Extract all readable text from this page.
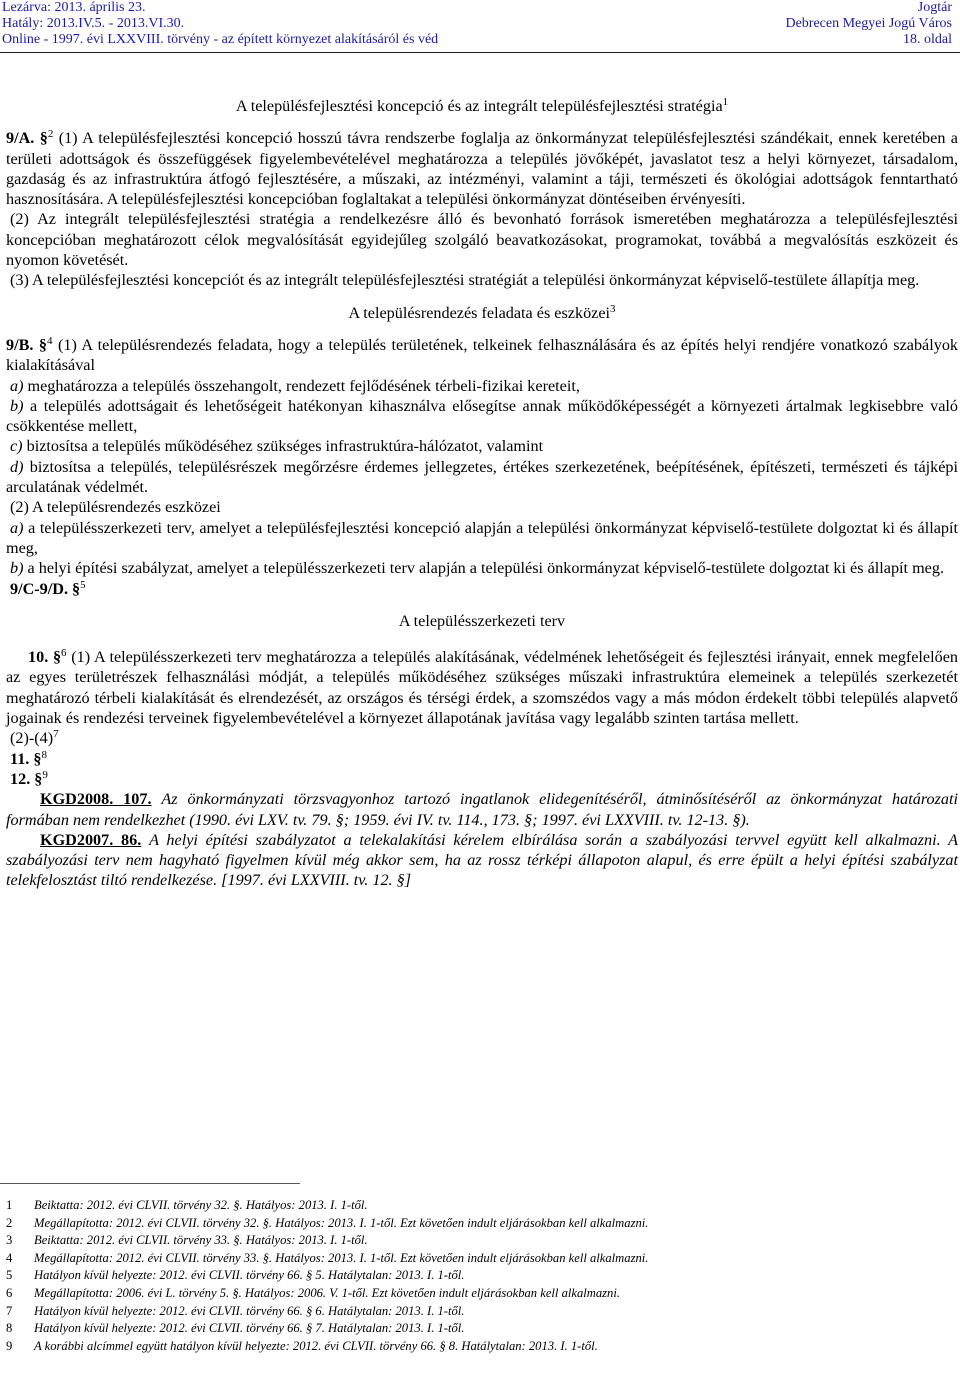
Lezárva: 2013. április 23.
Hatály: 2013.IV.5. - 2013.VI.30.
Online - 1997. évi LXXVIII. törvény - az épített környezet alakításáról és véd
Jogtár
Debrecen Megyei Jogú Város
18. oldal

A településfejlesztési koncepció és az integrált településfejlesztési stratégia$^1$

9/A. §$^2$ (1) A településfejlesztési koncepció hosszú távra rendszerbe foglalja az önkormányzat településfejlesztési szándékait, ennek keretében a területi adottságok és összefüggések figyelembevételével meghatározza a település jövőképét, javaslatot tesz a helyi környezet, társadalom, gazdaság és az infrastruktúra átfogó fejlesztésére, a műszaki, az intézményi, valamint a táji, természeti és ökológiai adottságok fenntartható hasznosítására. A településfejlesztési koncepcióban foglaltakat a települési önkormányzat döntéseiben érvényesíti.

(2) Az integrált településfejlesztési stratégia a rendelkezésre álló és bevonható források ismeretében meghatározza a településfejlesztési koncepcióban meghatározott célok megvalósítását egyidejűleg szolgáló beavatkozásokat, programokat, továbbá a megvalósítás eszközeit és nyomon követését.

(3) A településfejlesztési koncepciót és az integrált településfejlesztési stratégiát a települési önkormányzat képviselő-testülete állapítja meg.

A településrendezés feladata és eszközei$^3$

9/B. §$^4$ (1) A településrendezés feladata, hogy a település területének, telkeinek felhasználására és az építés helyi rendjére vonatkozó szabályok kialakításával

a) meghatározza a település összehangolt, rendezett fejlődésének térbeli-fizikai kereteit,

b) a település adottságait és lehetőségeit hatékonyan kihasználva elősegítse annak működőképességét a környezeti ártalmak legkisebbre való csökkentése mellett,

c) biztosítsa a település működéséhez szükséges infrastruktúra-hálózatot, valamint

d) biztosítsa a település, településrészek megőrzésre érdemes jellegzetes, értékes szerkezetének, beépítésének, építészeti, természeti és tájképi arculatának védelmét.

(2) A településrendezés eszközei

a) a településszerkezeti terv, amelyet a településfejlesztési koncepció alapján a települési önkormányzat képviselő-testülete dolgoztat ki és állapít meg,

b) a helyi építési szabályzat, amelyet a településszerkezeti terv alapján a települési önkormányzat képviselő-testülete dolgoztat ki és állapít meg.

9/C-9/D. §$^5$

A településszerkezeti terv

10. §$^6$ (1) A településszerkezeti terv meghatározza a település alakításának, védelmének lehetőségeit és fejlesztési irányait, ennek megfelelően az egyes területrészek felhasználási módját, a település működéséhez szükséges műszaki infrastruktúra elemeinek a település szerkezetét meghatározó térbeli kialakítását és elrendezését, az országos és térségi érdek, a szomszédos vagy a más módon érdekelt többi település alapvető jogainak és rendezési terveinek figyelembevételével a környezet állapotának javítása vagy legalább szinten tartása mellett.

$(2)-(4)^7$

11. §$^8$

12. §$^9$

KGD2008. 107. Az önkormányzati törzsvagyonhoz tartozó ingatlanok elidegenítéséről, átminősítéséről az önkormányzat határozati formában nem rendelkezhet (1990. évi LXV. tv. 79. §; 1959. évi IV. tv. 114., 173. §; 1997. évi LXXVIII. tv. 12-13. §).

KGD2007. 86. A helyi építési szabályzatot a telekalakítási kérelem elbírálása során a szabályozási tervvel együtt kell alkalmazni. A szabályozási terv nem hagyható figyelmen kívül még akkor sem, ha az rossz térképi állapoton alapul, és erre épült a helyi építési szabályzat telekfelosztást tiltó rendelkezése. [1997. évi LXXVIII. tv. 12. §]

1	Beiktatta: 2012. évi CLVII. törvény 32. §. Hatályos: 2013. I. 1-től.
2	Megállapította: 2012. évi CLVII. törvény 32. §. Hatályos: 2013. I. 1-től. Ezt követően indult eljárásokban kell alkalmazni.
3	Beiktatta: 2012. évi CLVII. törvény 33. §. Hatályos: 2013. I. 1-től.
4	Megállapította: 2012. évi CLVII. törvény 33. §. Hatályos: 2013. I. 1-től. Ezt követően indult eljárásokban kell alkalmazni.
5	Hatályon kívül helyezte: 2012. évi CLVII. törvény 66. § 5. Hatálytalan: 2013. I. 1-től.
6	Megállapította: 2006. évi L. törvény 5. §. Hatályos: 2006. V. 1-től. Ezt követően indult eljárásokban kell alkalmazni.
7	Hatályon kívül helyezte: 2012. évi CLVII. törvény 66. § 6. Hatálytalan: 2013. I. 1-től.
8	Hatályon kívül helyezte: 2012. évi CLVII. törvény 66. § 7. Hatálytalan: 2013. I. 1-től.
9	A korábbi alcímmel együtt hatályon kívül helyezte: 2012. évi CLVII. törvény 66. § 8. Hatálytalan: 2013. I. 1-től.
